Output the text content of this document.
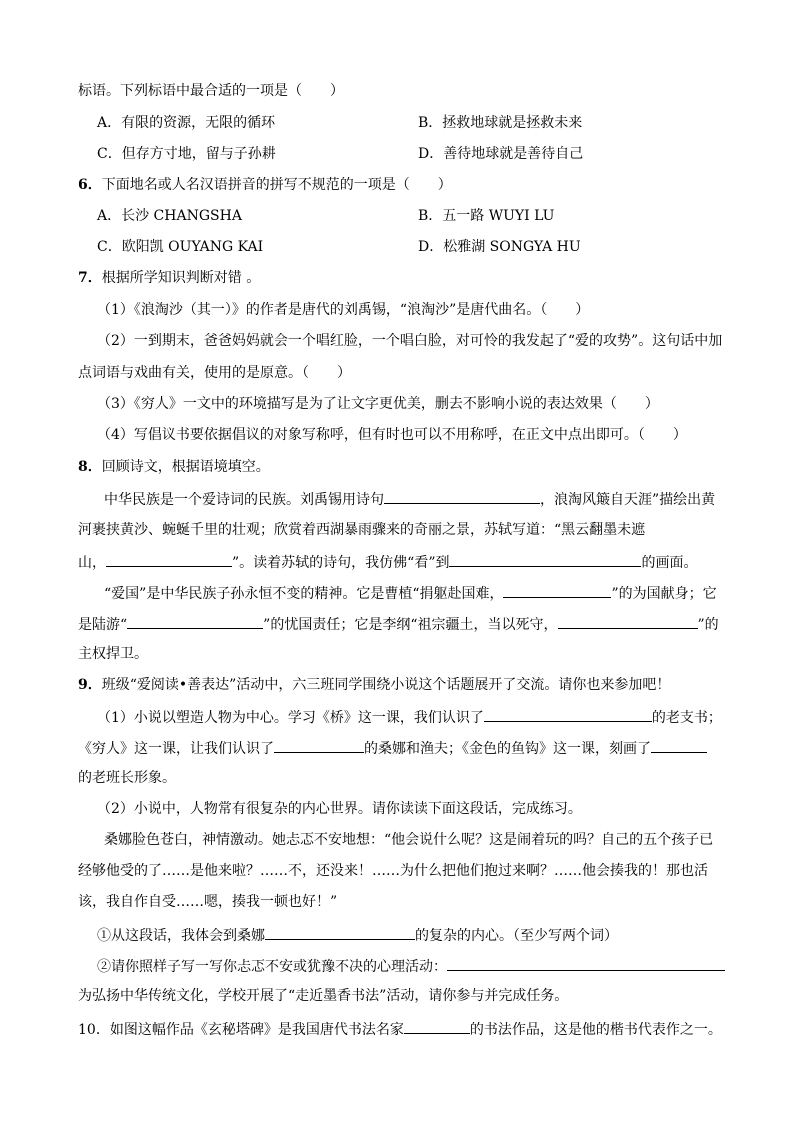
标语。下列标语中最合适的一项是（　　）
A．有限的资源，无限的循环	B．拯救地球就是拯救未来
C．但存方寸地，留与子孙耕	D．善待地球就是善待自己
6．下面地名或人名汉语拼音的拼写不规范的一项是（　　）
A．长沙 CHANGSHA	B．五一路 WUYI LU
C．欧阳凯 OUYANG KAI	D．松雅湖 SONGYA HU
7．根据所学知识判断对错 。
（1）《浪淘沙（其一）》的作者是唐代的刘禹锡，“浪淘沙”是唐代曲名。（　　）
（2）一到期末，爸爸妈妈就会一个唱红脸，一个唱白脸，对可怜的我发起了“爱的攻势”。这句话中加
点词语与戏曲有关，使用的是原意。（　　）
（3）《穷人》一文中的环境描写是为了让文字更优美，删去不影响小说的表达效果（　　）
（4）写倡议书要依据倡议的对象写称呼，但有时也可以不用称呼，在正文中点出即可。（　　）
8．回顾诗文，根据语境填空。
中华民族是一个爱诗词的民族。刘禹锡用诗句	，浪淘风簸自天涯”描绘出黄
河裹挟黄沙、蜿蜒千里的壮观；欣赏着西湖暴雨骤来的奇丽之景，苏轼写道：“黑云翻墨未遮
山，	”。读着苏轼的诗句，我仿佛“看”到	的画面。
“爱国”是中华民族子孙永恒不变的精神。它是曹植“捐躯赴国难，	”的为国献身；它
是陆游“	”的忧国责任；它是李纲“祖宗疆土，当以死守，	”的
主权捍卫。
9．班级“爱阅读•善表达”活动中，六三班同学围绕小说这个话题展开了交流。请你也来参加吧！
（1）小说以塑造人物为中心。学习《桥》这一课，我们认识了	的老支书；
《穷人》这一课，让我们认识了	的桑娜和渔夫；《金色的鱼钩》这一课，刻画了
的老班长形象。
（2）小说中，人物常有很复杂的内心世界。请你读读下面这段话，完成练习。
桑娜脸色苍白，神情激动。她忐忑不安地想：“他会说什么呢？这是闹着玩的吗？自己的五个孩子已
经够他受的了……是他来啦？……不，还没来！……为什么把他们抱过来啊？……他会揍我的！那也活
该，我自作自受……嗯，揍我一顿也好！”
①从这段话，我体会到桑娜	的复杂的内心。（至少写两个词）
②请你照样子写一写你忐忑不安或犹豫不决的心理活动：
为弘扬中华传统文化，学校开展了“走近墨香书法”活动，请你参与并完成任务。
10．如图这幅作品《玄秘塔碑》是我国唐代书法名家	的书法作品，这是他的楷书代表作之一。
